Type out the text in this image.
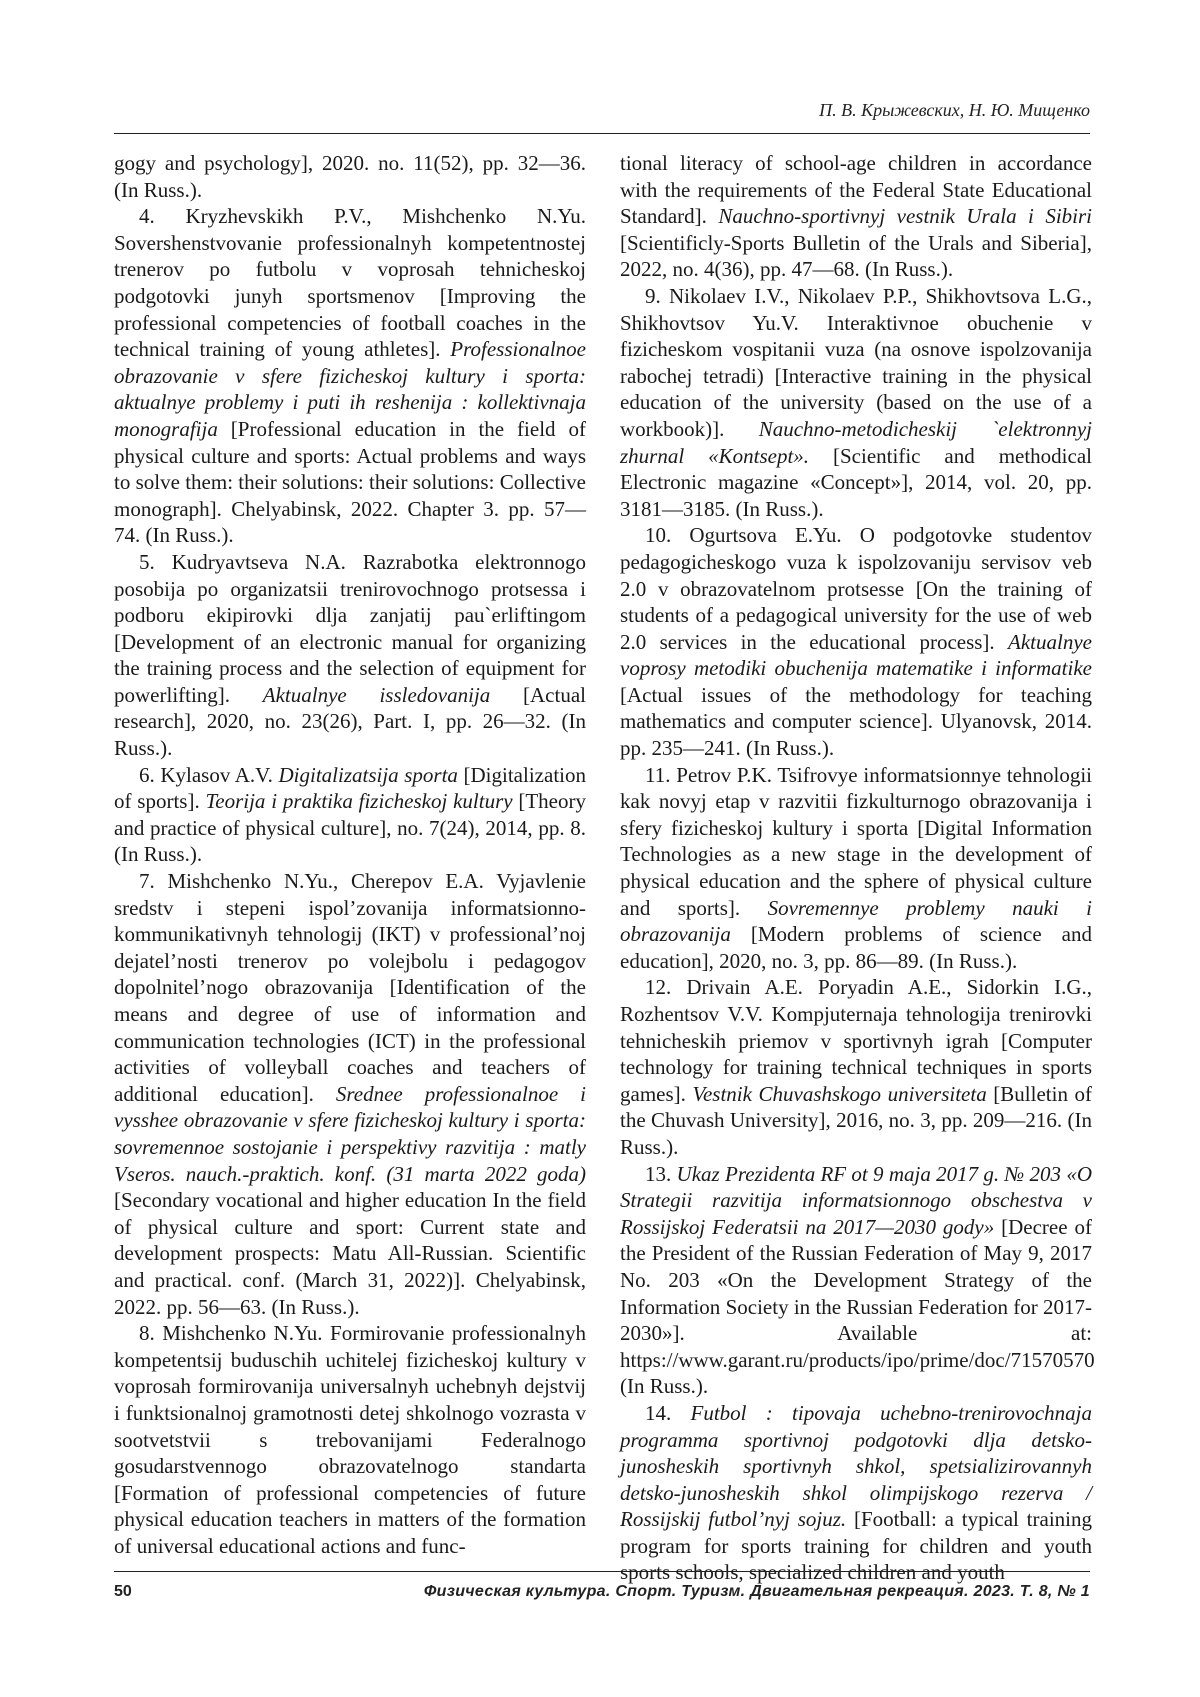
П. В. Крыжевских, Н. Ю. Мищенко

gogy and psychology], 2020. no. 11(52), pp. 32—36. (In Russ.).

4. Kryzhevskikh P.V., Mishchenko N.Yu. Sovershenstvovanie professionalnyh kompetentnostej trenerov po futbolu v voprosah tehnicheskoj podgotovki junyh sportsmenov [Improving the professional competencies of football coaches in the technical training of young athletes]. Professionalnoe obrazovanie v sfere fizicheskoj kultury i sporta: aktualnye problemy i puti ih reshenija : kollektivnaja monografija [Professional education in the field of physical culture and sports: Actual problems and ways to solve them: their solutions: their solutions: Collective monograph]. Chelyabinsk, 2022. Chapter 3. pp. 57—74. (In Russ.).

5. Kudryavtseva N.A. Razrabotka elektronnogo posobija po organizatsii trenirovochnogo protsessa i podboru ekipirovki dlja zanjatij pau`erliftingom [Development of an electronic manual for organizing the training process and the selection of equipment for powerlifting]. Aktualnye issledovanija [Actual research], 2020, no. 23(26), Part. I, pp. 26—32. (In Russ.).

6. Kylasov A.V. Digitalizatsija sporta [Digitalization of sports]. Teorija i praktika fizicheskoj kultury [Theory and practice of physical culture], no. 7(24), 2014, pp. 8. (In Russ.).

7. Mishchenko N.Yu., Cherepov E.A. Vyjavlenie sredstv i stepeni ispol’zovanija informatsionno-kommunikativnyh tehnologij (IKT) v professional’noj dejatel’nosti trenerov po volejbolu i pedagogov dopolnitel’nogo obrazovanija [Identification of the means and degree of use of information and communication technologies (ICT) in the professional activities of volleyball coaches and teachers of additional education]. Srednee professionalnoe i vysshee obrazovanie v sfere fizicheskoj kultury i sporta: sovremennoe sostojanie i perspektivy razvitija : matly Vseros. nauch.-praktich. konf. (31 marta 2022 goda) [Secondary vocational and higher education In the field of physical culture and sport: Current state and development prospects: Matu All-Russian. Scientific and practical. conf. (March 31, 2022)]. Chelyabinsk, 2022. pp. 56—63. (In Russ.).

8. Mishchenko N.Yu. Formirovanie professionalnyh kompetentsij buduschih uchitelej fizicheskoj kultury v voprosah formirovanija universalnyh uchebnyh dejstvij i funktsionalnoj gramotnosti detej shkolnogo vozrasta v sootvetstvii s trebovanijami Federalnogo gosudarstvennogo obrazovatelnogo standarta [Formation of professional competencies of future physical education teachers in matters of the formation of universal educational actions and func-

tional literacy of school-age children in accordance with the requirements of the Federal State Educational Standard]. Nauchno-sportivnyj vestnik Urala i Sibiri [Scientificly-Sports Bulletin of the Urals and Siberia], 2022, no. 4(36), pp. 47—68. (In Russ.).

9. Nikolaev I.V., Nikolaev P.P., Shikhovtsova L.G., Shikhovtsov Yu.V. Interaktivnoe obuchenie v fizicheskom vospitanii vuza (na osnove ispolzovanija rabochej tetradi) [Interactive training in the physical education of the university (based on the use of a workbook)]. Nauchno-metodicheskij `elektronnyj zhurnal «Kontsept». [Scientific and methodical Electronic magazine «Concept»], 2014, vol. 20, pp. 3181—3185. (In Russ.).

10. Ogurtsova E.Yu. O podgotovke studentov pedagogicheskogo vuza k ispolzovaniju servisov veb 2.0 v obrazovatelnom protsesse [On the training of students of a pedagogical university for the use of web 2.0 services in the educational process]. Aktualnye voprosy metodiki obuchenija matematike i informatike [Actual issues of the methodology for teaching mathematics and computer science]. Ulyanovsk, 2014. pp. 235—241. (In Russ.).

11. Petrov P.K. Tsifrovye informatsionnye tehnologii kak novyj etap v razvitii fizkulturnogo obrazovanija i sfery fizicheskoj kultury i sporta [Digital Information Technologies as a new stage in the development of physical education and the sphere of physical culture and sports]. Sovremennye problemy nauki i obrazovanija [Modern problems of science and education], 2020, no. 3, pp. 86—89. (In Russ.).

12. Drivain A.E. Poryadin A.E., Sidorkin I.G., Rozhentsov V.V. Kompjuternaja tehnologija trenirovki tehnicheskih priemov v sportivnyh igrah [Computer technology for training technical techniques in sports games]. Vestnik Chuvashskogo universiteta [Bulletin of the Chuvash University], 2016, no. 3, pp. 209—216. (In Russ.).

13. Ukaz Prezidenta RF ot 9 maja 2017 g. № 203 «O Strategii razvitija informatsionnogo obschestva v Rossijskoj Federatsii na 2017—2030 gody» [Decree of the President of the Russian Federation of May 9, 2017 No. 203 «On the Development Strategy of the Information Society in the Russian Federation for 2017-2030»]. Available at: https://www.garant.ru/products/ipo/prime/doc/71570570 (In Russ.).

14. Futbol : tipovaja uchebno-trenirovochnaja programma sportivnoj podgotovki dlja detsko-junosheskih sportivnyh shkol, spetsializirovannyh detsko-junosheskih shkol olimpijskogo rezerva / Rossijskij futbol’nyj sojuz. [Football: a typical training program for sports training for children and youth sports schools, specialized children and youth

50	Физическая культура. Спорт. Туризм. Двигательная рекреация. 2023. Т. 8, № 1
